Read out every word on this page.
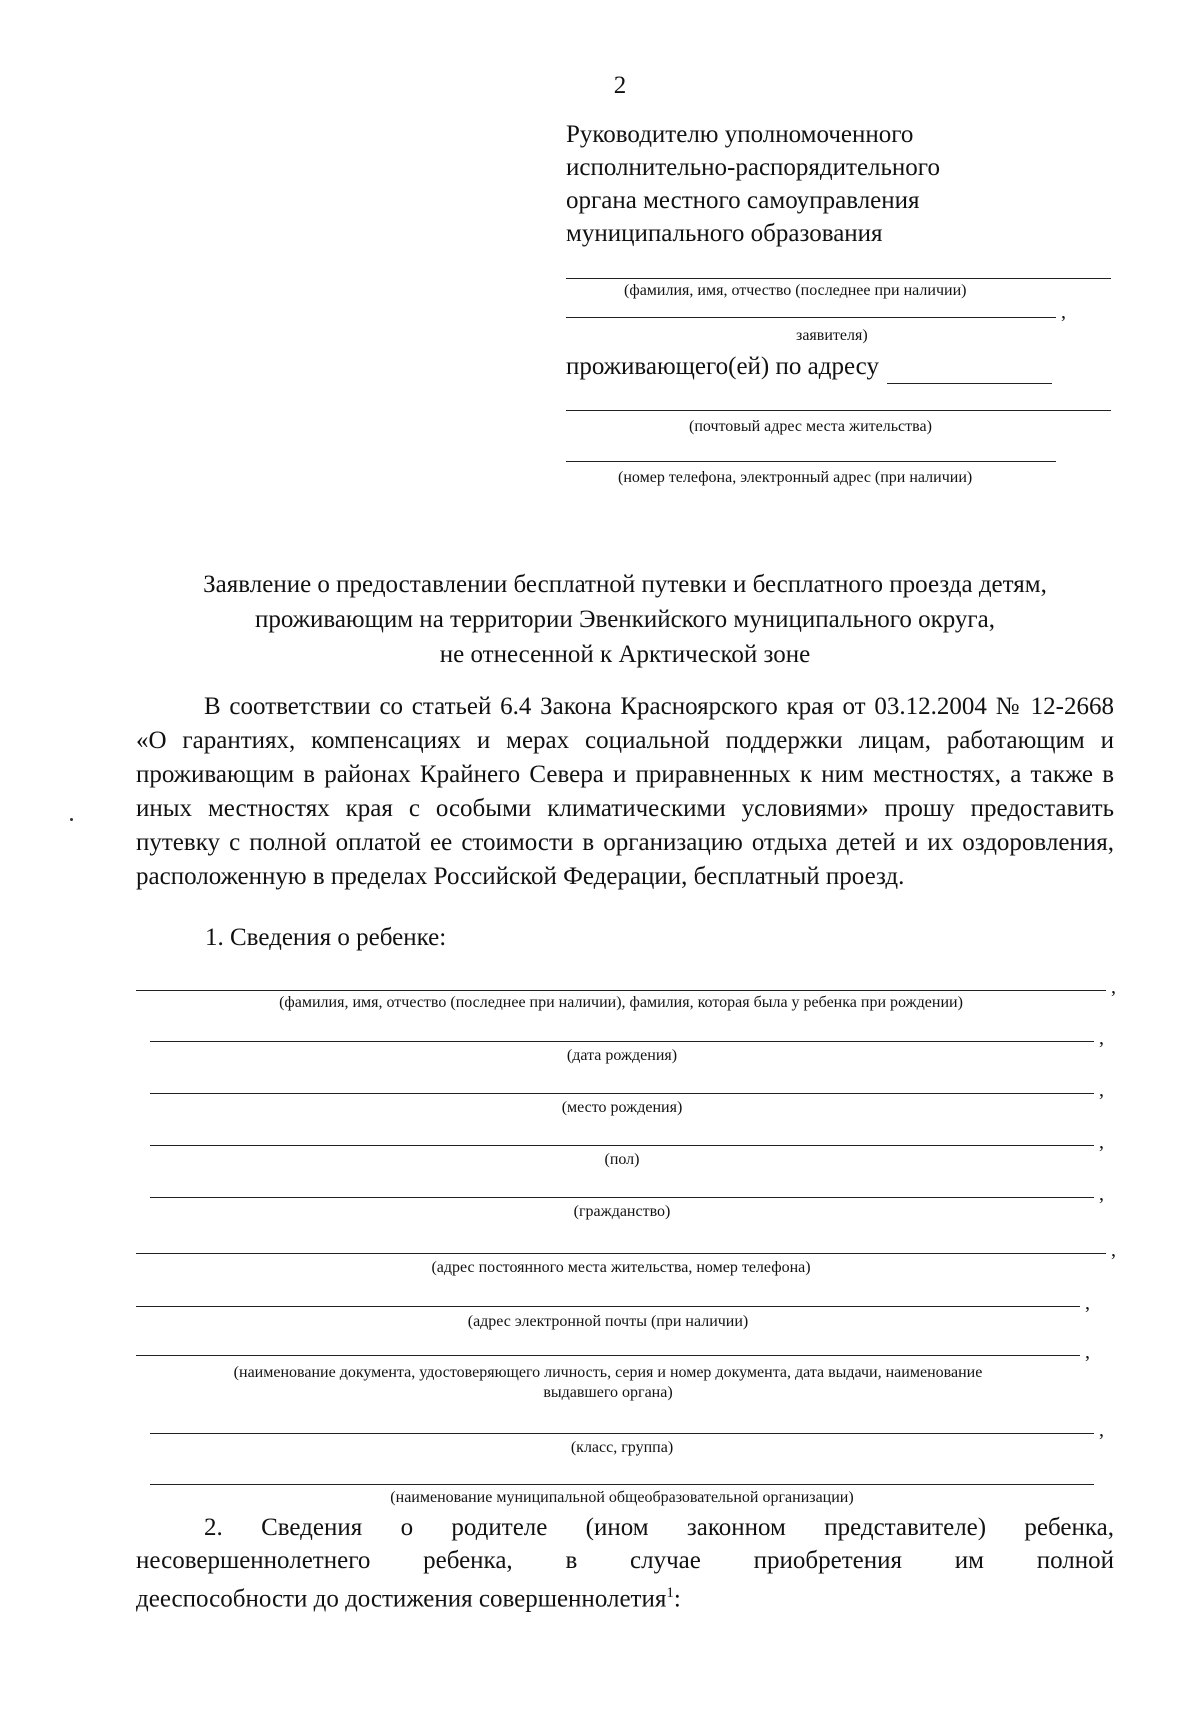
2
Руководителю уполномоченного
исполнительно-распорядительного
органа местного самоуправления
муниципального образования
(фамилия, имя, отчество (последнее при наличии)
,
заявителя)
проживающего(ей) по адресу
(почтовый адрес места жительства)
(номер телефона, электронный адрес (при наличии)
Заявление о предоставлении бесплатной путевки и бесплатного проезда детям,
проживающим на территории Эвенкийского муниципального округа,
не отнесенной к Арктической зоне

В соответствии со статьей 6.4 Закона Красноярского края от 03.12.2004 № 12-2668 «О гарантиях, компенсациях и мерах социальной поддержки лицам, работающим и проживающим в районах Крайнего Севера и приравненных к ним местностях, а также в иных местностях края с особыми климатическими условиями» прошу предоставить путевку с полной оплатой ее стоимости в организацию отдыха детей и их оздоровления, расположенную в пределах Российской Федерации, бесплатный проезд.

1. Сведения о ребенке:
,
(фамилия, имя, отчество (последнее при наличии), фамилия, которая была у ребенка при рождении)
,
(дата рождения)
,
(место рождения)
,
(пол)
,
(гражданство)
,
(адрес постоянного места жительства, номер телефона)
,
(адрес электронной почты (при наличии)
,
(наименование документа, удостоверяющего личность, серия и номер документа, дата выдачи, наименование
выдавшего органа)
,
(класс, группа)
(наименование муниципальной общеобразовательной организации)

2. Сведения о родителе (ином законном представителе) ребенка, несовершеннолетнего ребенка, в случае приобретения им полной

дееспособности до достижения совершеннолетия$^1$:
